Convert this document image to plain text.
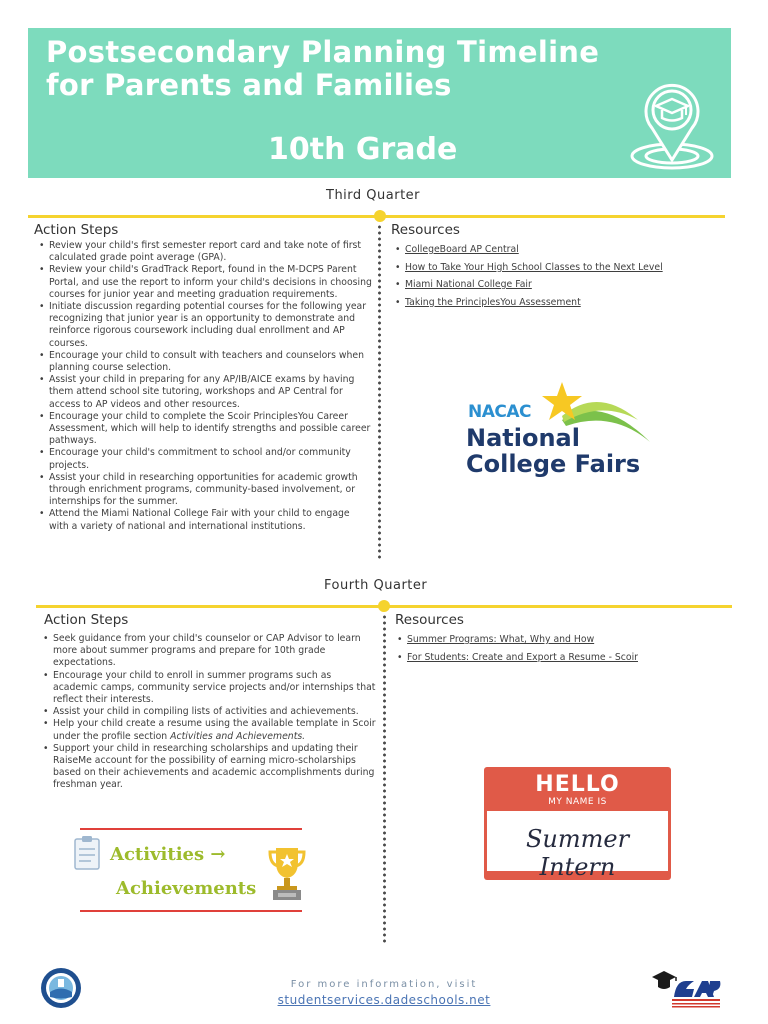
Postsecondary Planning Timeline
for Parents and Families
10th Grade
Third Quarter
Action Steps
• Review your child's first semester report card and take note of first calculated grade point average (GPA).
• Review your child's GradTrack Report, found in the M-DCPS Parent Portal, and use the report to inform your child's decisions in choosing courses for junior year and meeting graduation requirements.
• Initiate discussion regarding potential courses for the following year recognizing that junior year is an opportunity to demonstrate and reinforce rigorous coursework including dual enrollment and AP courses.
• Encourage your child to consult with teachers and counselors when planning course selection.
• Assist your child in preparing for any AP/IB/AICE exams by having them attend school site tutoring, workshops and AP Central for access to AP videos and other resources.
• Encourage your child to complete the Scoir PrinciplesYou Career Assessment, which will help to identify strengths and possible career pathways.
• Encourage your child's commitment to school and/or community projects.
• Assist your child in researching opportunities for academic growth through enrichment programs, community-based involvement, or internships for the summer.
• Attend the Miami National College Fair with your child to engage with a variety of national and international institutions.
Resources
• CollegeBoard AP Central
• How to Take Your High School Classes to the Next Level
• Miami National College Fair
• Taking the PrinciplesYou Assessement
NACAC
National
College Fairs
Fourth Quarter
Action Steps
• Seek guidance from your child's counselor or CAP Advisor to learn more about summer programs and prepare for 10th grade expectations.
• Encourage your child to enroll in summer programs such as academic camps, community service projects and/or internships that reflect their interests.
• Assist your child in compiling lists of activities and achievements.
• Help your child create a resume using the available template in Scoir under the profile section Activities and Achievements.
• Support your child in researching scholarships and updating their RaiseMe account for the possibility of earning micro-scholarships based on their achievements and academic accomplishments during freshman year.
Resources
• Summer Programs: What, Why and How
• For Students: Create and Export a Resume - Scoir
Activities →
Achievements
HELLO
MY NAME IS
Summer Intern
For more information, visit
studentservices.dadeschools.net
